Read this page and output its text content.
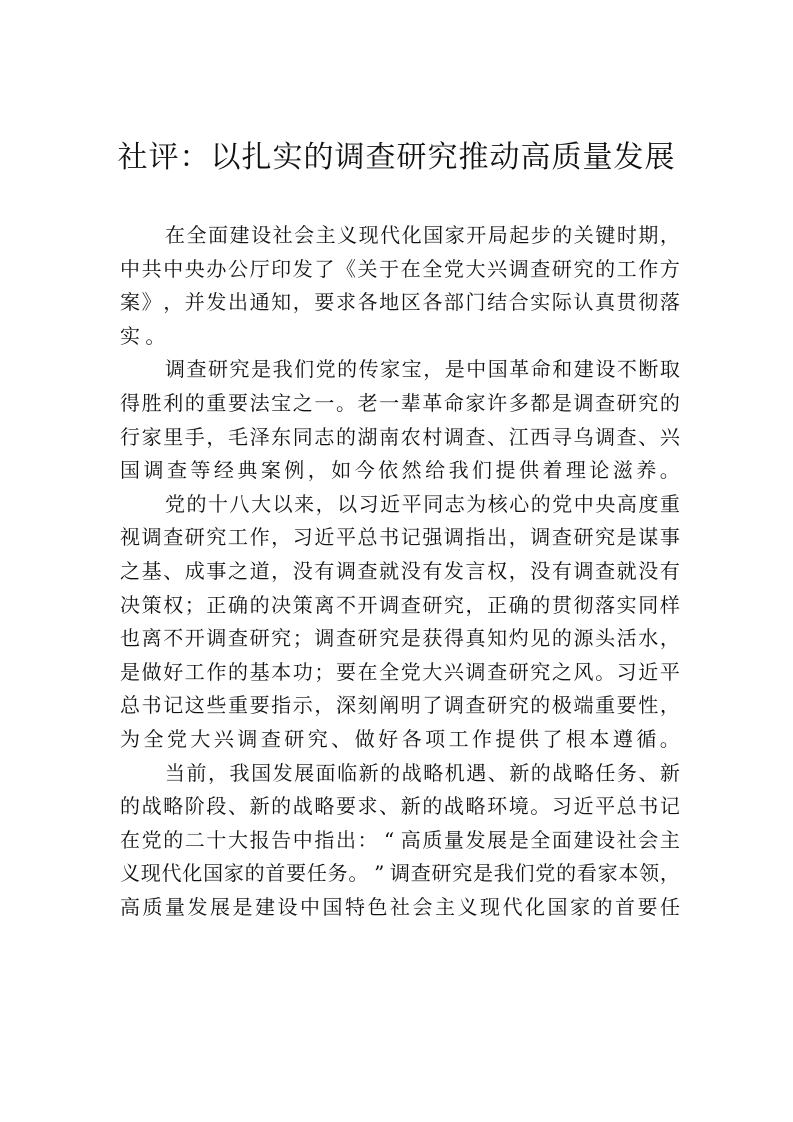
社评：以扎实的调查研究推动高质量发展
在 全 面 建 设 社 会 主 义 现 代 化 国 家 开 局 起 步 的 关 键 时 期 ，
中 共 中 央 办 公 厅 印 发 了 《 关 于 在 全 党 大 兴 调 查 研 究 的 工 作 方
案 》 ， 并 发 出 通 知 ， 要 求 各 地 区 各 部 门 结 合 实 际 认 真 贯 彻 落
实 。
调 查 研 究 是 我 们 党 的 传 家 宝 ， 是 中 国 革 命 和 建 设 不 断 取
得 胜 利 的 重 要 法 宝 之 一 。 老 一 辈 革 命 家 许 多 都 是 调 查 研 究 的
行 家 里 手 ， 毛 泽 东 同 志 的 湖 南 农 村 调 查 、 江 西 寻 乌 调 查 、 兴
国 调 查 等 经 典 案 例 ， 如 今 依 然 给 我 们 提 供 着 理 论 滋 养 。
党 的 十 八 大 以 来 ， 以 习 近 平 同 志 为 核 心 的 党 中 央 高 度 重
视 调 查 研 究 工 作 ， 习 近 平 总 书 记 强 调 指 出 ， 调 查 研 究 是 谋 事
之 基 、 成 事 之 道 ， 没 有 调 查 就 没 有 发 言 权 ， 没 有 调 查 就 没 有
决 策 权 ； 正 确 的 决 策 离 不 开 调 查 研 究 ， 正 确 的 贯 彻 落 实 同 样
也 离 不 开 调 查 研 究 ； 调 查 研 究 是 获 得 真 知 灼 见 的 源 头 活 水 ，
是 做 好 工 作 的 基 本 功 ； 要 在 全 党 大 兴 调 查 研 究 之 风 。 习 近 平
总 书 记 这 些 重 要 指 示 ， 深 刻 阐 明 了 调 查 研 究 的 极 端 重 要 性 ，
为 全 党 大 兴 调 查 研 究 、 做 好 各 项 工 作 提 供 了 根 本 遵 循 。
当 前 ， 我 国 发 展 面 临 新 的 战 略 机 遇 、 新 的 战 略 任 务 、 新
的 战 略 阶 段 、 新 的 战 略 要 求 、 新 的 战 略 环 境 。 习 近 平 总 书 记
在 党 的 二 十 大 报 告 中 指 出 ： “ 高 质 量 发 展 是 全 面 建 设 社 会 主
义 现 代 化 国 家 的 首 要 任 务 。 ” 调 查 研 究 是 我 们 党 的 看 家 本 领 ，
高 质 量 发 展 是 建 设 中 国 特 色 社 会 主 义 现 代 化 国 家 的 首 要 任
